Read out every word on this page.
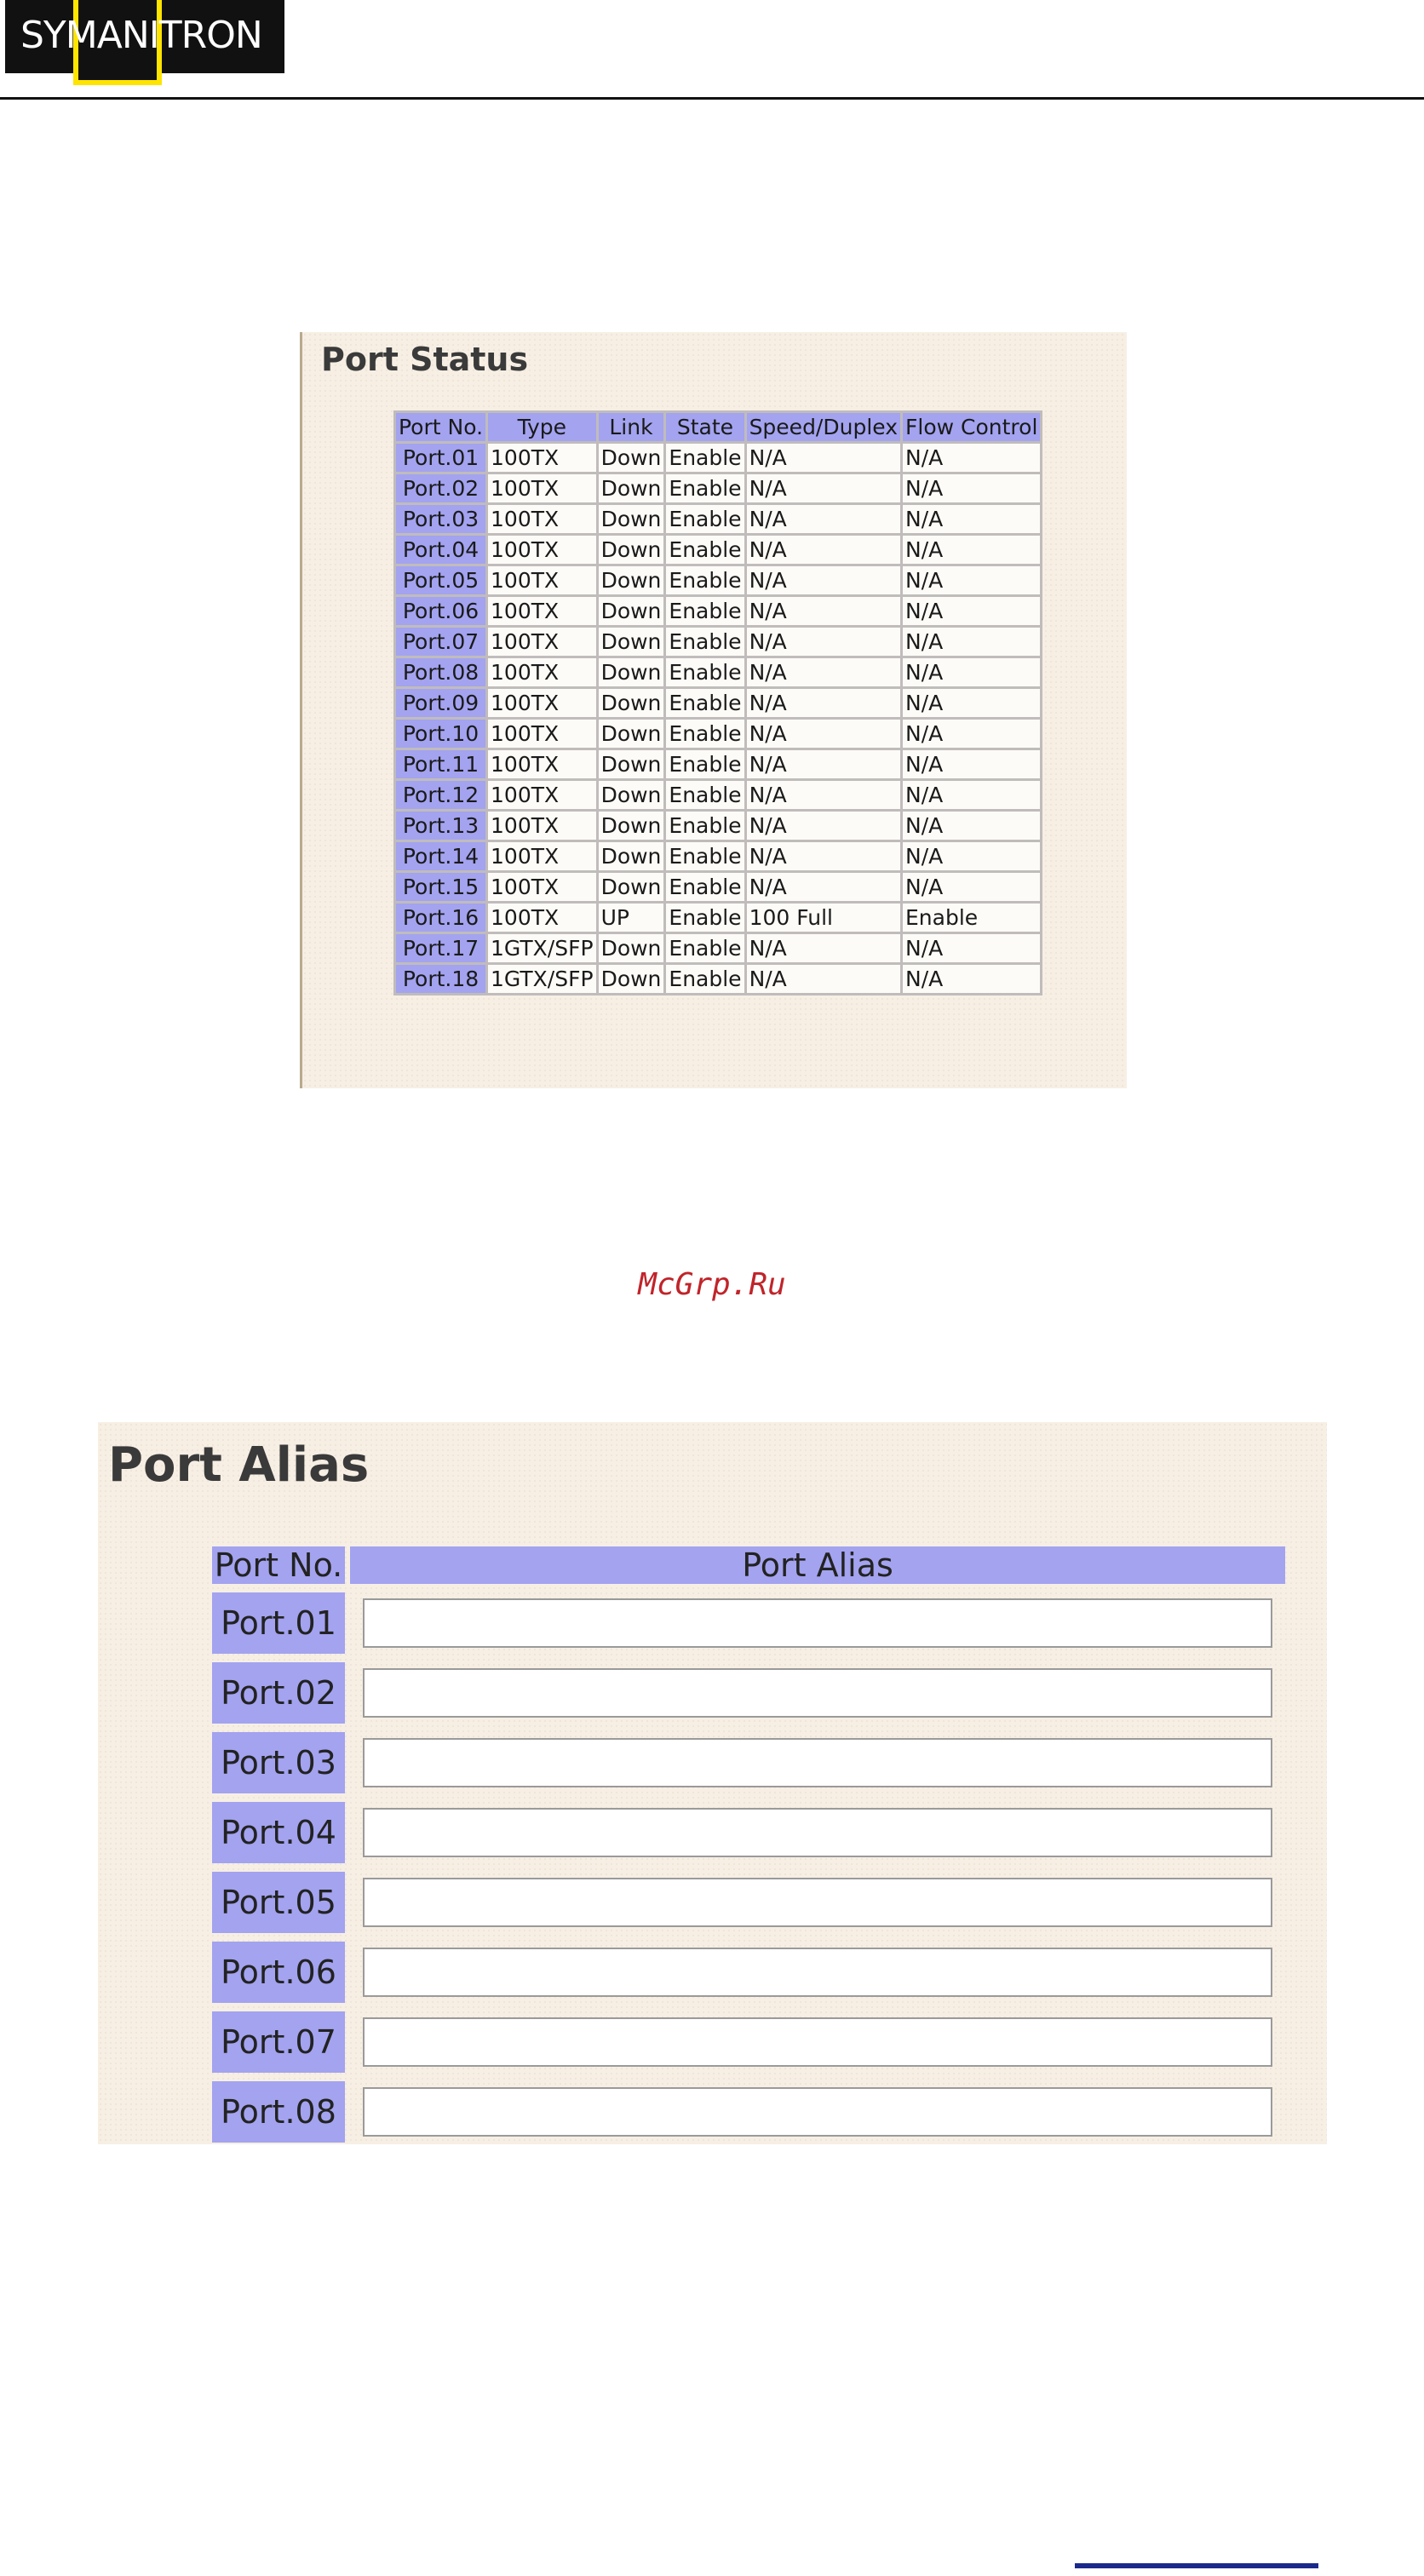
SYMANITRON
Port Status
Port No.	Type	Link	State	Speed/Duplex	Flow Control
Port.01	100TX	Down	Enable	N/A	N/A
Port.02	100TX	Down	Enable	N/A	N/A
Port.03	100TX	Down	Enable	N/A	N/A
Port.04	100TX	Down	Enable	N/A	N/A
Port.05	100TX	Down	Enable	N/A	N/A
Port.06	100TX	Down	Enable	N/A	N/A
Port.07	100TX	Down	Enable	N/A	N/A
Port.08	100TX	Down	Enable	N/A	N/A
Port.09	100TX	Down	Enable	N/A	N/A
Port.10	100TX	Down	Enable	N/A	N/A
Port.11	100TX	Down	Enable	N/A	N/A
Port.12	100TX	Down	Enable	N/A	N/A
Port.13	100TX	Down	Enable	N/A	N/A
Port.14	100TX	Down	Enable	N/A	N/A
Port.15	100TX	Down	Enable	N/A	N/A
Port.16	100TX	UP	Enable	100 Full	Enable
Port.17	1GTX/SFP	Down	Enable	N/A	N/A
Port.18	1GTX/SFP	Down	Enable	N/A	N/A
McGrp.Ru
Port Alias
Port No.	Port Alias
Port.01
Port.02
Port.03
Port.04
Port.05
Port.06
Port.07
Port.08
